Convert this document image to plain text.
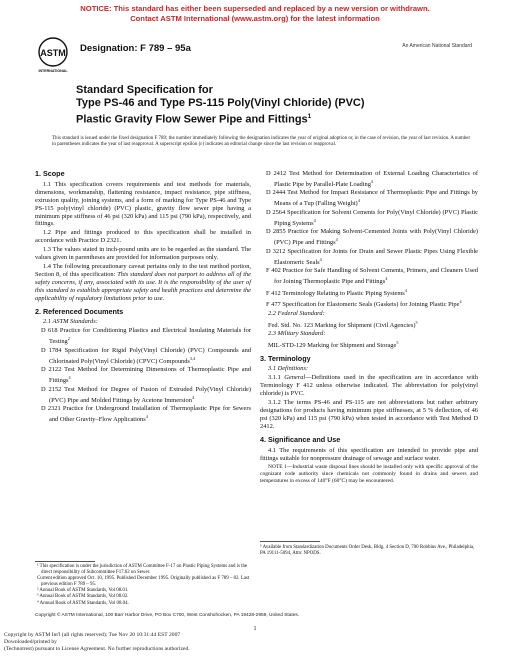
NOTICE: This standard has either been superseded and replaced by a new version or withdrawn.
Contact ASTM International (www.astm.org) for the latest information
ASTM
INTERNATIONAL
Designation: F 789 – 95a	An American National Standard
Standard Specification for
Type PS-46 and Type PS-115 Poly(Vinyl Chloride) (PVC)
Plastic Gravity Flow Sewer Pipe and Fittings$^1$
This standard is issued under the fixed designation F 789; the number immediately following the designation indicates the year of original adoption or, in the case of revision, the year of last revision. A number in parentheses indicates the year of last reapproval. A superscript epsilon (ε) indicates an editorial change since the last revision or reapproval.
1. Scope
1.1 This specification covers requirements and test methods for materials, dimensions, workmanship, flattening resistance, impact resistance, pipe stiffness, extrusion quality, joining systems, and a form of marking for Type PS-46 and Type PS-115 poly(vinyl chloride) (PVC) plastic, gravity flow sewer pipe having a minimum pipe stiffness of 46 psi (320 kPa) and 115 psi (790 kPa), respectively, and fittings.
1.2 Pipe and fittings produced to this specification shall be installed in accordance with Practice D 2321.
1.3 The values stated in inch-pound units are to be regarded as the standard. The values given in parentheses are provided for information purposes only.
1.4 The following precautionary caveat pertains only to the test method portion, Section 8, of this specification: This standard does not purport to address all of the safety concerns, if any, associated with its use. It is the responsibility of the user of this standard to establish appropriate safety and health practices and determine the applicability of regulatory limitations prior to use.
2. Referenced Documents
2.1 ASTM Standards:
D 618 Practice for Conditioning Plastics and Electrical Insulating Materials for Testing$^2$
D 1784 Specification for Rigid Poly(Vinyl Chloride) (PVC) Compounds and Chlorinated Poly(Vinyl Chloride) (CPVC) Compounds$^{3,4}$
D 2122 Test Method for Determining Dimensions of Thermoplastic Pipe and Fittings$^4$
D 2152 Test Method for Degree of Fusion of Extruded Poly(Vinyl Chloride) (PVC) Pipe and Molded Fittings by Acetone Immersion$^4$
D 2321 Practice for Underground Installation of Thermoplastic Pipe for Sewers and Other Gravity–Flow Applications$^4$
D 2412 Test Method for Determination of External Loading Characteristics of Plastic Pipe by Parallel-Plate Loading$^4$
D 2444 Test Method for Impact Resistance of Thermoplastic Pipe and Fittings by Means of a Tup (Falling Weight)$^4$
D 2564 Specification for Solvent Cements for Poly(Vinyl Chloride) (PVC) Plastic Piping Systems$^4$
D 2855 Practice for Making Solvent-Cemented Joints with Poly(Vinyl Chloride) (PVC) Pipe and Fittings$^4$
D 3212 Specification for Joints for Drain and Sewer Plastic Pipes Using Flexible Elastomeric Seals$^4$
F 402 Practice for Safe Handling of Solvent Cements, Primers, and Cleaners Used for Joining Thermoplastic Pipe and Fittings$^4$
F 412 Terminology Relating to Plastic Piping Systems$^4$
F 477 Specification for Elastomeric Seals (Gaskets) for Joining Plastic Pipe$^4$
2.2 Federal Standard:
Fed. Std. No. 123 Marking for Shipment (Civil Agencies)$^5$
2.3 Military Standard:
MIL-STD-129 Marking for Shipment and Storage$^5$
3. Terminology
3.1 Definitions:
3.1.1 General—Definitions used in the specification are in accordance with Terminology F 412 unless otherwise indicated. The abbreviation for poly(vinyl chloride) is PVC.
3.1.2 The terms PS-46 and PS-115 are not abbreviations but rather arbitrary designations for products having minimum pipe stiffnesses, at 5 % deflection, of 46 psi (320 kPa) and 115 psi (790 kPa) when tested in accordance with Test Method D 2412.
4. Significance and Use
4.1 The requirements of this specification are intended to provide pipe and fittings suitable for nonpressure drainage of sewage and surface water.
NOTE 1—Industrial waste disposal lines should be installed only with specific approval of the cognizant code authority since chemicals not commonly found in drains and sewers and temperatures in excess of 140°F (60°C) may be encountered.
¹ This specification is under the jurisdiction of ASTM Committee F-17 on Plastic Piping Systems and is the direct responsibility of Subcommittee F17.62 on Sewer.
Current edition approved Oct. 10, 1995. Published December 1995. Originally published as F 789 – 82. Last previous edition F 789 – 95.
² Annual Book of ASTM Standards, Vol 08.01.
³ Annual Book of ASTM Standards, Vol 08.02.
⁴ Annual Book of ASTM Standards, Vol 08.04.
⁵ Available from Standardization Documents Order Desk, Bldg. 4 Section D, 700 Robbins Ave., Philadelphia, PA 19111-5094, Attn: NPODS.
Copyright © ASTM International, 100 Barr Harbor Drive, PO Box C700, West Conshohocken, PA 19428-2959, United States.
1
Copyright by ASTM Int'l (all rights reserved); Tue Nov 20 10:31:44 EST 2007
Downloaded/printed by
(Technotrest) pursuant to License Agreement. No further reproductions authorized.
